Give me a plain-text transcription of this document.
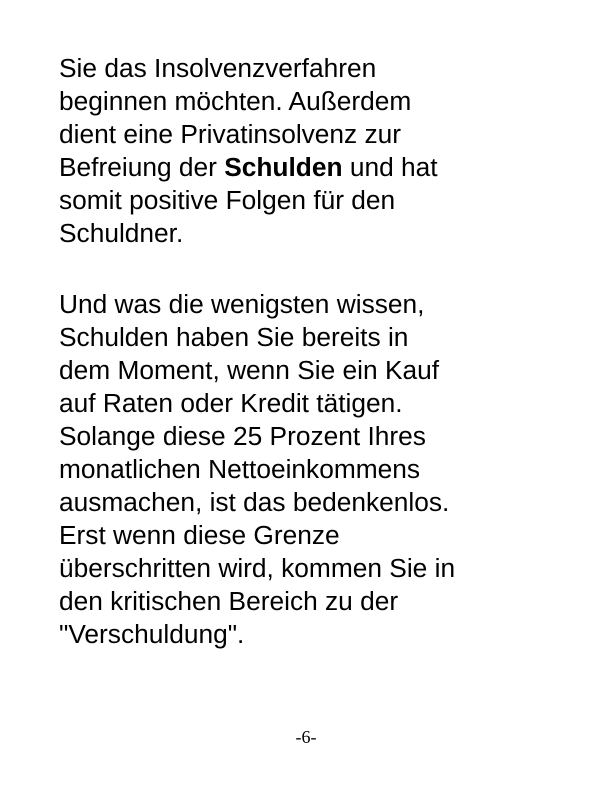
Sie das Insolvenzverfahren
beginnen möchten. Außerdem
dient eine Privatinsolvenz zur
Befreiung der Schulden und hat
somit positive Folgen für den
Schuldner.

Und was die wenigsten wissen,
Schulden haben Sie bereits in
dem Moment, wenn Sie ein Kauf
auf Raten oder Kredit tätigen.
Solange diese 25 Prozent Ihres
monatlichen Nettoeinkommens
ausmachen, ist das bedenkenlos.
Erst wenn diese Grenze
überschritten wird, kommen Sie in
den kritischen Bereich zu der
"Verschuldung".

-6-
